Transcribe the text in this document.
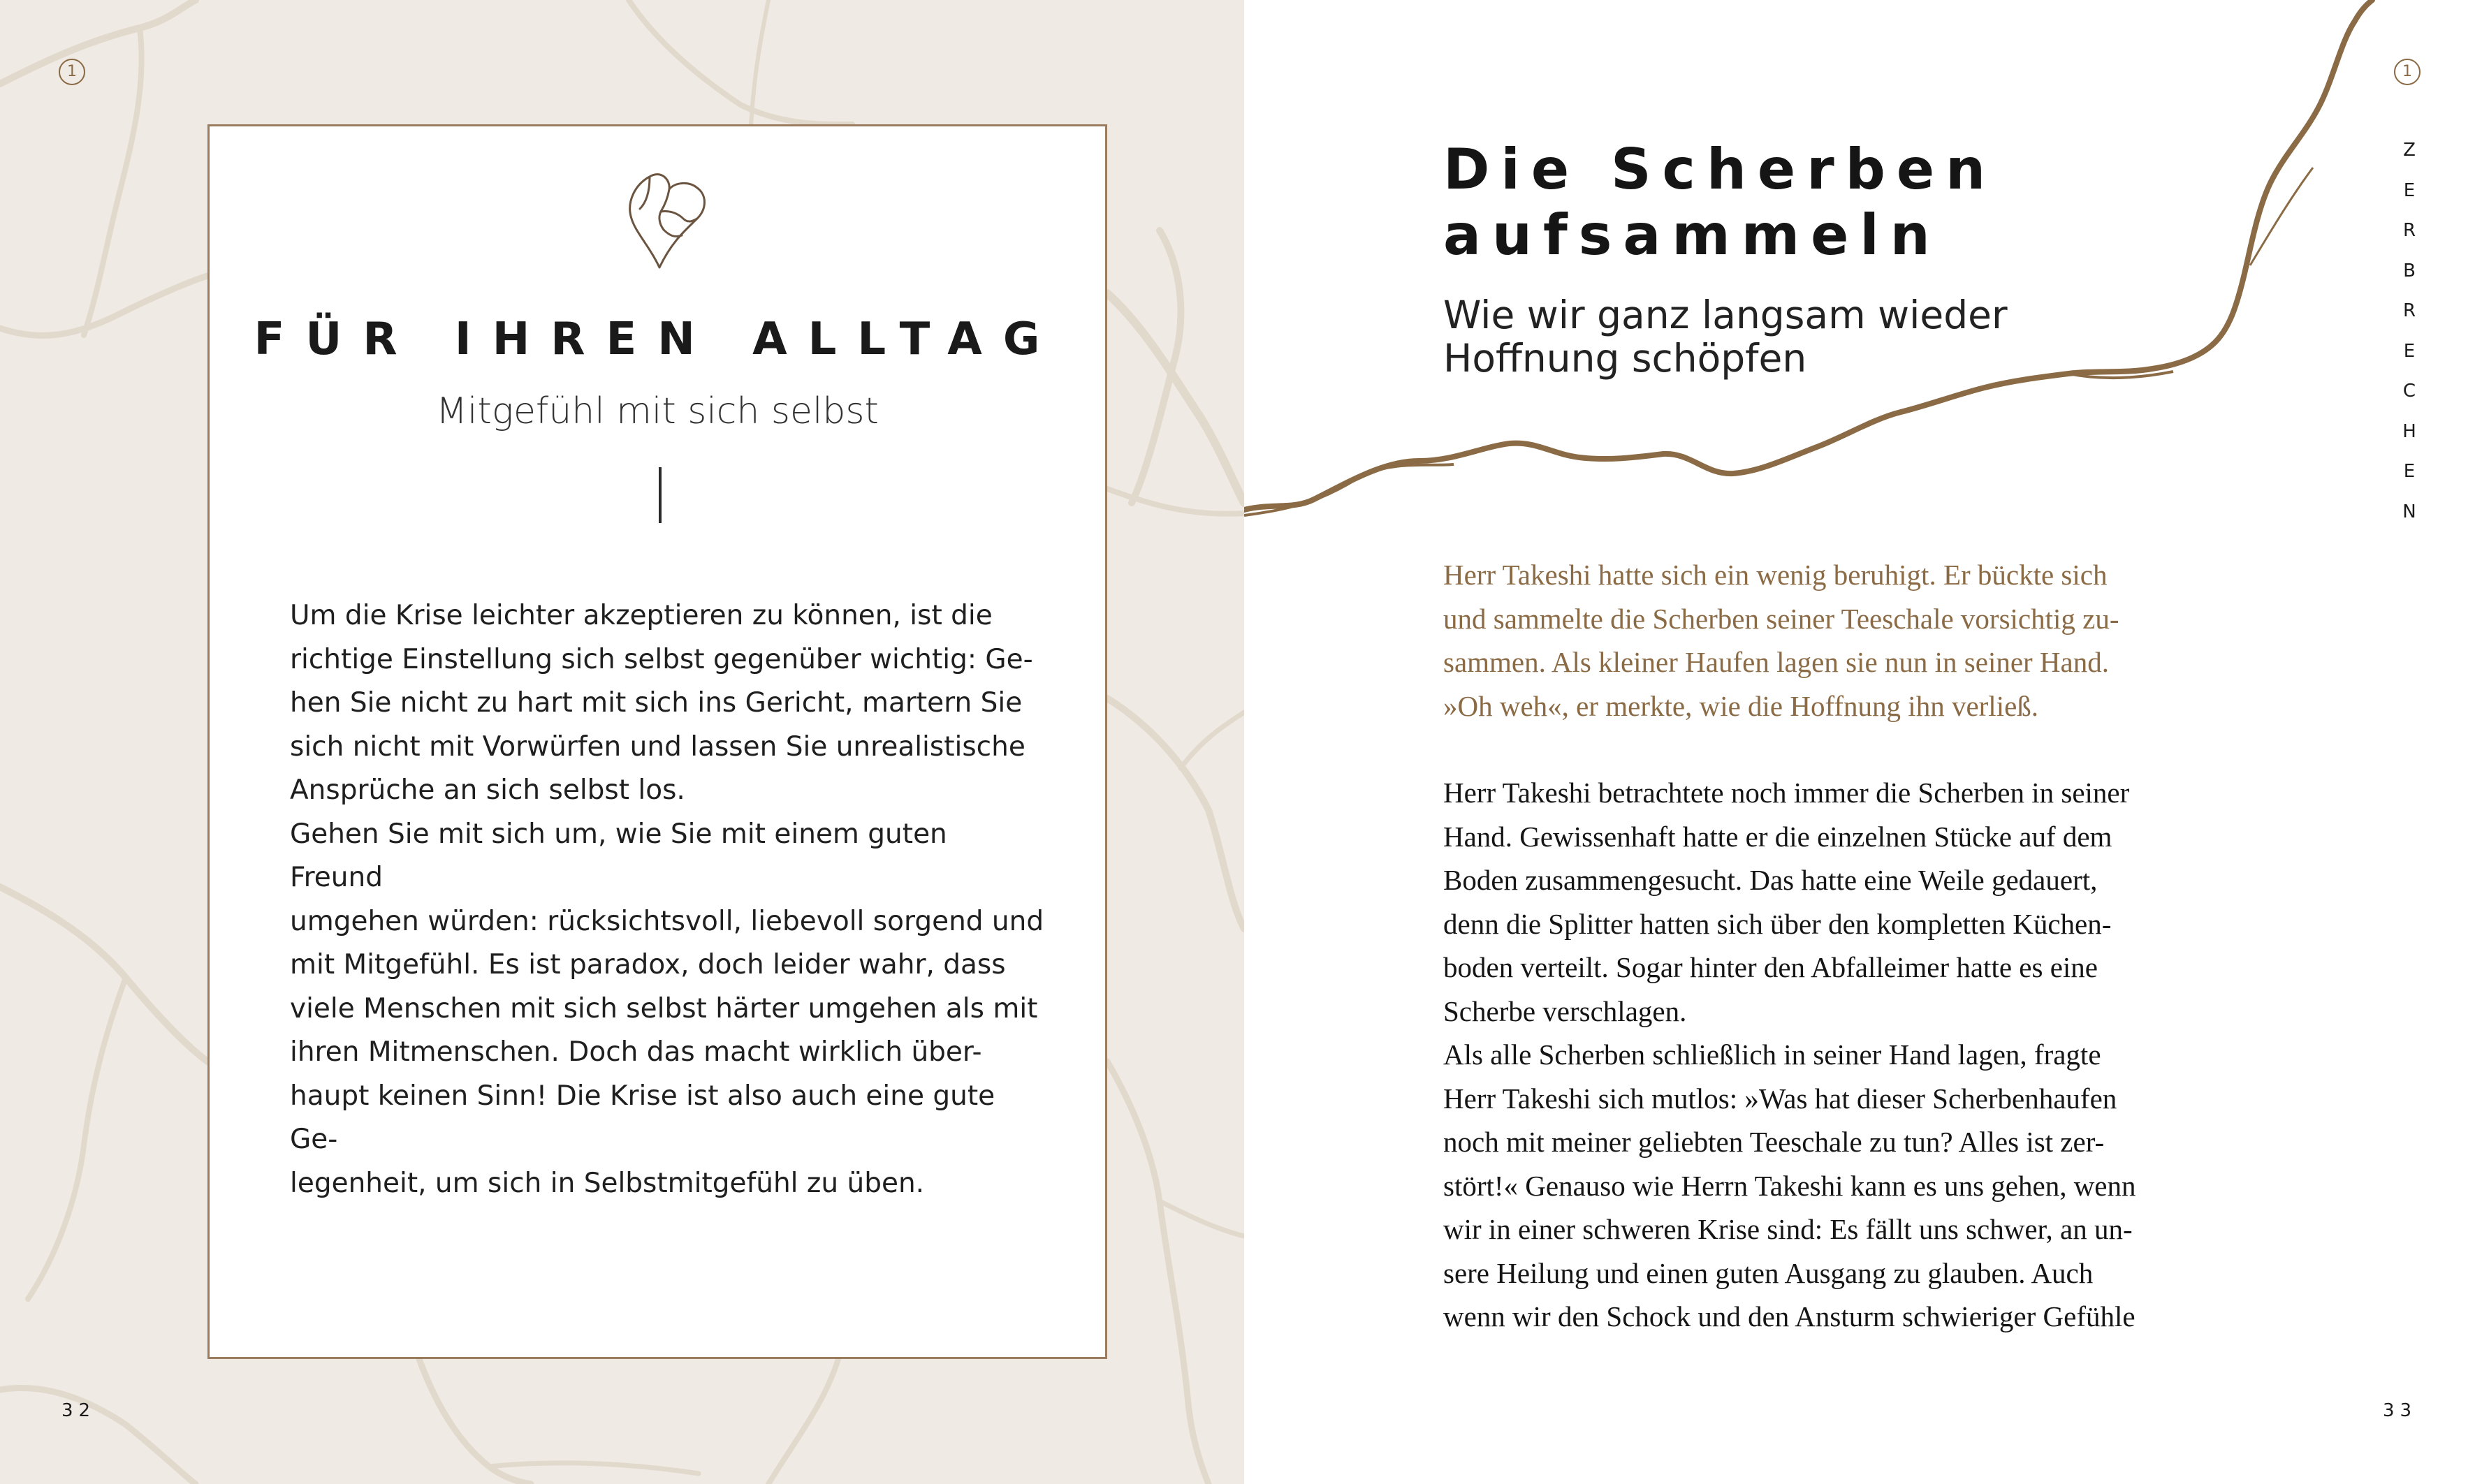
1
32
FÜR IHREN ALLTAG
Mitgefühl mit sich selbst

Um die Krise leichter akzeptieren zu können, ist die
richtige Einstellung sich selbst gegenüber wichtig: Ge-
hen Sie nicht zu hart mit sich ins Gericht, martern Sie
sich nicht mit Vorwürfen und lassen Sie unrealistische
Ansprüche an sich selbst los.

Gehen Sie mit sich um, wie Sie mit einem guten Freund
umgehen würden: rücksichtsvoll, liebevoll sorgend und
mit Mitgefühl. Es ist paradox, doch leider wahr, dass
viele Menschen mit sich selbst härter umgehen als mit
ihren Mitmenschen. Doch das macht wirklich über-
haupt keinen Sinn! Die Krise ist also auch eine gute Ge-
legenheit, um sich in Selbstmitgefühl zu üben.

1
33
Z
E
R
B
R
E
C
H
E
N
Die Scherben
aufsammeln
Wie wir ganz langsam wieder
Hoffnung schöpfen
Herr Takeshi hatte sich ein wenig beruhigt. Er bückte sich
und sammelte die Scherben seiner Teeschale vorsichtig zu-
sammen. Als kleiner Haufen lagen sie nun in seiner Hand.
»Oh weh«, er merkte, wie die Hoffnung ihn verließ.
Herr Takeshi betrachtete noch immer die Scherben in seiner
Hand. Gewissenhaft hatte er die einzelnen Stücke auf dem
Boden zusammengesucht. Das hatte eine Weile gedauert,
denn die Splitter hatten sich über den kompletten Küchen-
boden verteilt. Sogar hinter den Abfalleimer hatte es eine
Scherbe verschlagen.
Als alle Scherben schließlich in seiner Hand lagen, fragte
Herr Takeshi sich mutlos: »Was hat dieser Scherbenhaufen
noch mit meiner geliebten Teeschale zu tun? Alles ist zer-
stört!« Genauso wie Herrn Takeshi kann es uns gehen, wenn
wir in einer schweren Krise sind: Es fällt uns schwer, an un-
sere Heilung und einen guten Ausgang zu glauben. Auch
wenn wir den Schock und den Ansturm schwieriger Gefühle
